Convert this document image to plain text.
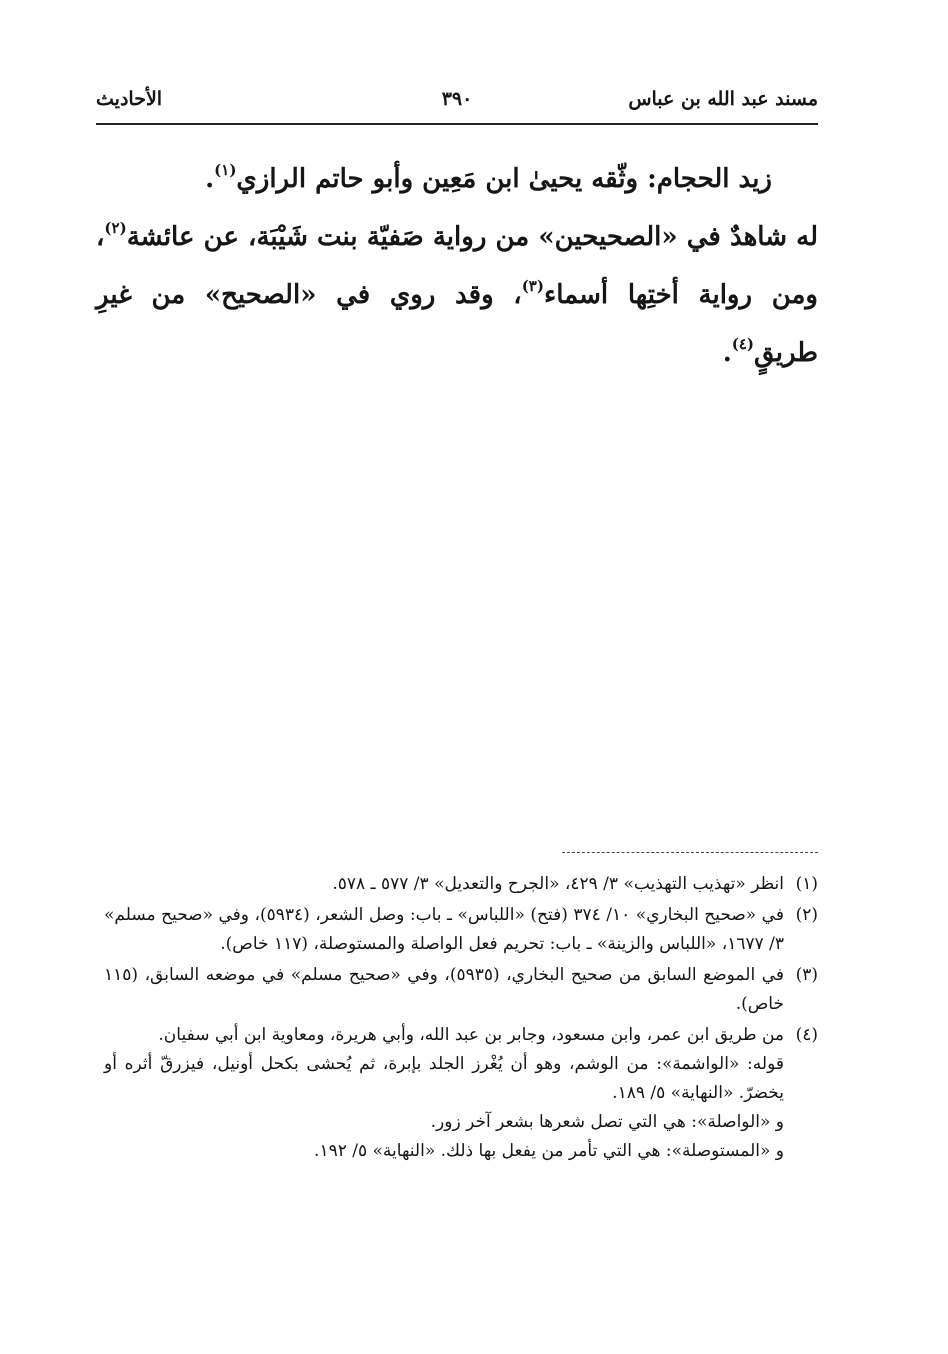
مسند عبد الله بن عباس
٣٩٠
الأحاديث

زيد الحجام: وثّقه يحيىٰ ابن مَعِين وأبو حاتم الرازي$^{(١)}$.

له شاهدٌ في «الصحيحين» من رواية صَفيّة بنت شَيْبَة، عن عائشة$^{(٢)}$، ومن رواية أختِها أسماء$^{(٣)}$، وقد روي في «الصحيح» من غيرِ طريقٍ$^{(٤)}$.

(١)
انظر «تهذيب التهذيب» ٣/ ٤٢٩، «الجرح والتعديل» ٣/ ٥٧٧ ـ ٥٧٨.
(٢)
في «صحيح البخاري» ١٠/ ٣٧٤ (فتح) «اللباس» ـ باب: وصل الشعر، (٥٩٣٤)، وفي «صحيح مسلم» ٣/ ١٦٧٧، «اللباس والزينة» ـ باب: تحريم فعل الواصلة والمستوصلة، (١١٧ خاص).
(٣)
في الموضع السابق من صحيح البخاري، (٥٩٣٥)، وفي «صحيح مسلم» في موضعه السابق، (١١٥ خاص).
(٤)
من طريق ابن عمر، وابن مسعود، وجابر بن عبد الله، وأبي هريرة، ومعاوية ابن أبي سفيان.
قوله: «الواشمة»: من الوشم، وهو أن يُغْرز الجلد بإبرة، ثم يُحشى بكحل أونيل، فيزرقّ أثره أو يخضرّ. «النهاية» ٥/ ١٨٩.
و «الواصلة»: هي التي تصل شعرها بشعر آخر زور.
و «المستوصلة»: هي التي تأمر من يفعل بها ذلك. «النهاية» ٥/ ١٩٢.
